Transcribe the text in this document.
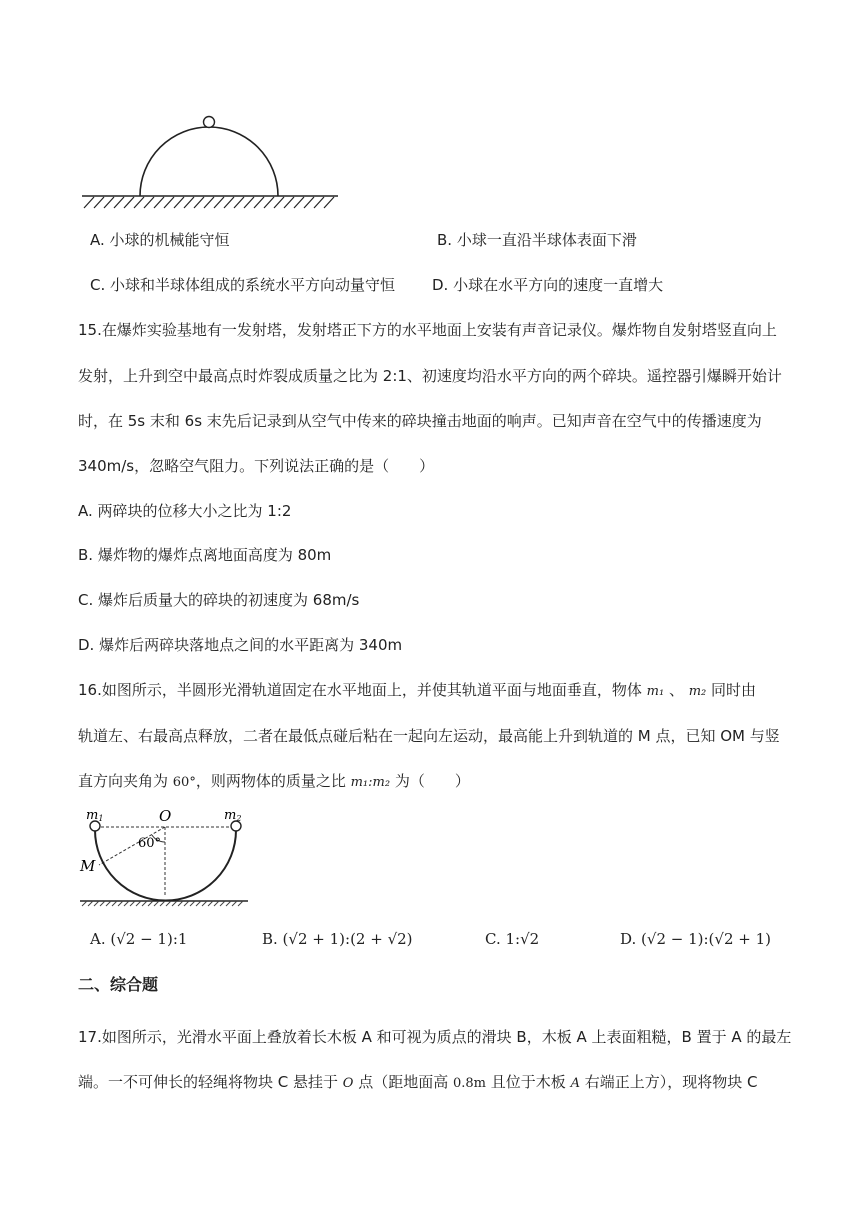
A. 小球的机械能守恒	B. 小球一直沿半球体表面下滑
C. 小球和半球体组成的系统水平方向动量守恒 D. 小球在水平方向的速度一直增大
15.在爆炸实验基地有一发射塔，发射塔正下方的水平地面上安装有声音记录仪。爆炸物自发射塔竖直向上
发射，上升到空中最高点时炸裂成质量之比为 2:1、初速度均沿水平方向的两个碎块。遥控器引爆瞬开始计
时，在 5s 末和 6s 末先后记录到从空气中传来的碎块撞击地面的响声。已知声音在空气中的传播速度为
340m/s，忽略空气阻力。下列说法正确的是（　　）
A. 两碎块的位移大小之比为 1:2
B. 爆炸物的爆炸点离地面高度为 80m
C. 爆炸后质量大的碎块的初速度为 68m/s
D. 爆炸后两碎块落地点之间的水平距离为 340m
16.如图所示，半圆形光滑轨道固定在水平地面上，并使其轨道平面与地面垂直，物体 m₁ 、 m₂ 同时由
轨道左、右最高点释放，二者在最低点碰后粘在一起向左运动，最高能上升到轨道的 M 点，已知 OM 与竖
直方向夹角为 60°，则两物体的质量之比 m₁:m₂ 为（　　）
m1	m2
O
M
60°
A. (√2 − 1):1	B. (√2 + 1):(2 + √2)	C. 1:√2	D. (√2 − 1):(√2 + 1)
二、综合题
17.如图所示，光滑水平面上叠放着长木板 A 和可视为质点的滑块 B，木板 A 上表面粗糙，B 置于 A 的最左
端。一不可伸长的轻绳将物块 C 悬挂于 O 点（距地面高 0.8m 且位于木板 A 右端正上方），现将物块 C
